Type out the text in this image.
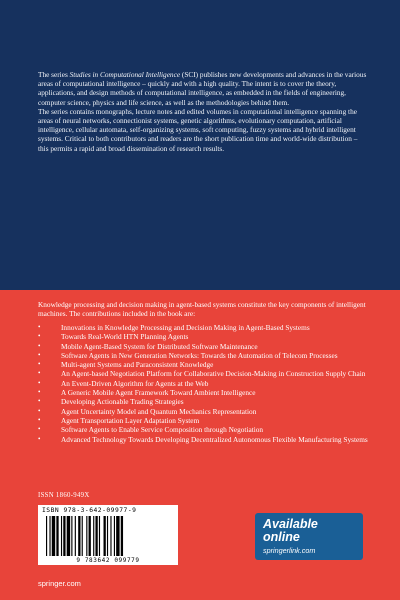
The series Studies in Computational Intelligence (SCI) publishes new developments and advances in the various areas of computational intelligence – quickly and with a high quality. The intent is to cover the theory, applications, and design methods of computational intelligence, as embedded in the fields of engineering, computer science, physics and life science, as well as the methodologies behind them.

The series contains monographs, lecture notes and edited volumes in computational intelligence spanning the areas of neural networks, connectionist systems, genetic algorithms, evolutionary computation, artificial intelligence, cellular automata, self-organizing systems, soft computing, fuzzy systems and hybrid intelligent systems. Critical to both contributors and readers are the short publication time and world-wide distribution – this permits a rapid and broad dissemination of research results.

Knowledge processing and decision making in agent-based systems constitute the key components of intelligent machines. The contributions included in the book are:
• Innovations in Knowledge Processing and Decision Making in Agent-Based Systems
• Towards Real-World HTN Planning Agents
• Mobile Agent-Based System for Distributed Software Maintenance
• Software Agents in New Generation Networks: Towards the Automation of Telecom Processes
• Multi-agent Systems and Paraconsistent Knowledge
• An Agent-based Negotiation Platform for Collaborative Decision-Making in Construction Supply Chain
• An Event-Driven Algorithm for Agents at the Web
• A Generic Mobile Agent Framework Toward Ambient Intelligence
• Developing Actionable Trading Strategies
• Agent Uncertainty Model and Quantum Mechanics Representation
• Agent Transportation Layer Adaptation System
• Software Agents to Enable Service Composition through Negotiation
• Advanced Technology Towards Developing Decentralized Autonomous Flexible Manufacturing Systems
ISSN 1860-949X
ISBN 978-3-642-09977-9
9 783642 099779
Available
online
springerlink.com
springer.com
